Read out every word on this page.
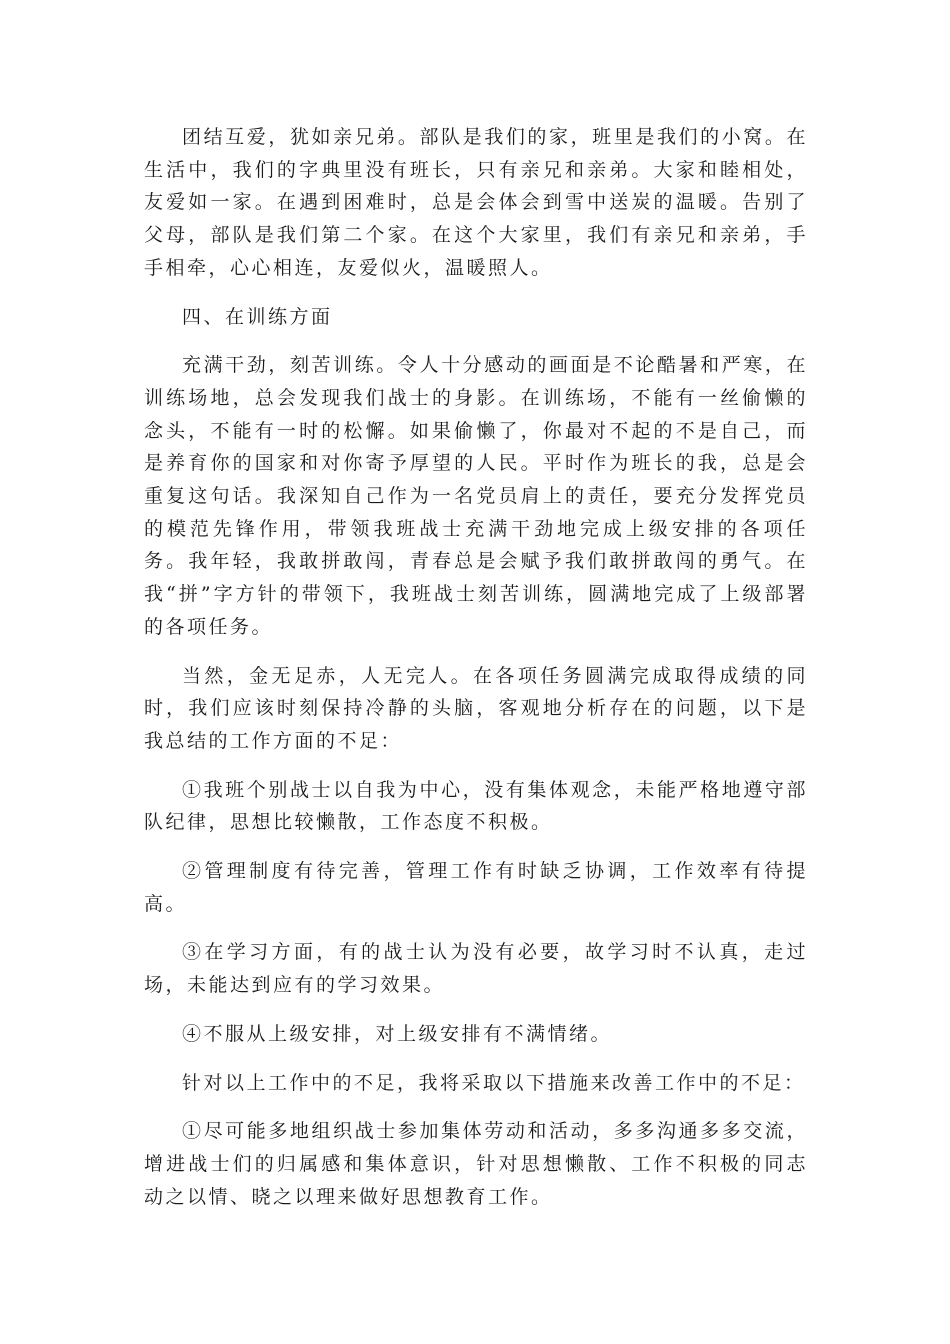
团结互爱，犹如亲兄弟。部队是我们的家，班里是我们的小窝。在生活中，我们的字典里没有班长，只有亲兄和亲弟。大家和睦相处，友爱如一家。在遇到困难时，总是会体会到雪中送炭的温暖。告别了父母，部队是我们第二个家。在这个大家里，我们有亲兄和亲弟，手手相牵，心心相连，友爱似火，温暖照人。

四、在训练方面

充满干劲，刻苦训练。令人十分感动的画面是不论酷暑和严寒，在训练场地，总会发现我们战士的身影。在训练场，不能有一丝偷懒的念头，不能有一时的松懈。如果偷懒了，你最对不起的不是自己，而是养育你的国家和对你寄予厚望的人民。平时作为班长的我，总是会重复这句话。我深知自己作为一名党员肩上的责任，要充分发挥党员的模范先锋作用，带领我班战士充满干劲地完成上级安排的各项任务。我年轻，我敢拼敢闯，青春总是会赋予我们敢拼敢闯的勇气。在我“拼”字方针的带领下，我班战士刻苦训练，圆满地完成了上级部署的各项任务。

当然，金无足赤，人无完人。在各项任务圆满完成取得成绩的同时，我们应该时刻保持冷静的头脑，客观地分析存在的问题，以下是我总结的工作方面的不足：

①我班个别战士以自我为中心，没有集体观念，未能严格地遵守部队纪律，思想比较懒散，工作态度不积极。

②管理制度有待完善，管理工作有时缺乏协调，工作效率有待提高。

③在学习方面，有的战士认为没有必要，故学习时不认真，走过场，未能达到应有的学习效果。

④不服从上级安排，对上级安排有不满情绪。

针对以上工作中的不足，我将采取以下措施来改善工作中的不足：

①尽可能多地组织战士参加集体劳动和活动，多多沟通多多交流，增进战士们的归属感和集体意识，针对思想懒散、工作不积极的同志动之以情、晓之以理来做好思想教育工作。
